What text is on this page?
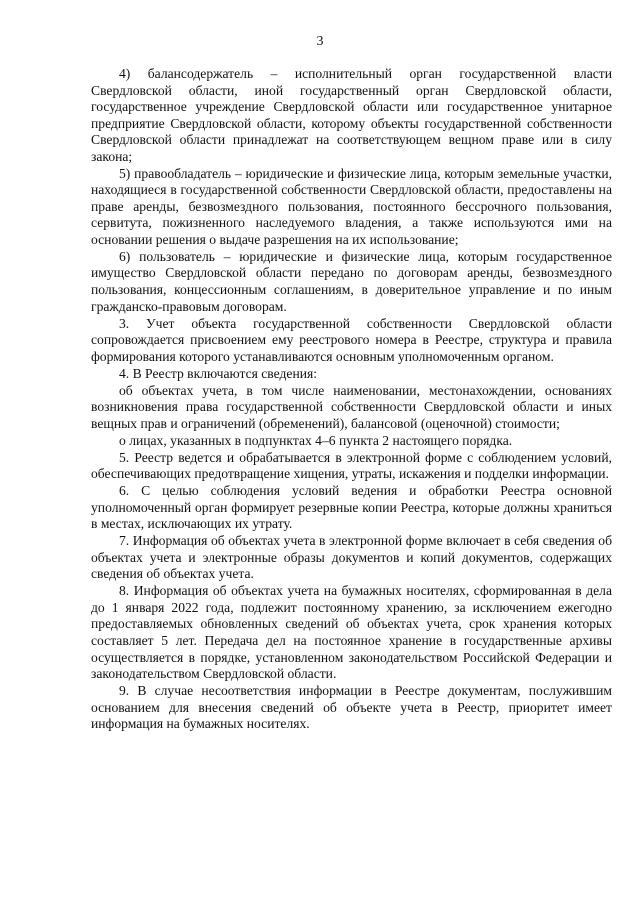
3

4) балансодержатель – исполнительный орган государственной власти Свердловской области, иной государственный орган Свердловской области, государственное учреждение Свердловской области или государственное унитарное предприятие Свердловской области, которому объекты государственной собственности Свердловской области принадлежат на соответствующем вещном праве или в силу закона;

5) правообладатель – юридические и физические лица, которым земельные участки, находящиеся в государственной собственности Свердловской области, предоставлены на праве аренды, безвозмездного пользования, постоянного бессрочного пользования, сервитута, пожизненного наследуемого владения, а также используются ими на основании решения о выдаче разрешения на их использование;

6) пользователь – юридические и физические лица, которым государственное имущество Свердловской области передано по договорам аренды, безвозмездного пользования, концессионным соглашениям, в доверительное управление и по иным гражданско-правовым договорам.

3. Учет объекта государственной собственности Свердловской области сопровождается присвоением ему реестрового номера в Реестре, структура и правила формирования которого устанавливаются основным уполномоченным органом.

4. В Реестр включаются сведения:

об объектах учета, в том числе наименовании, местонахождении, основаниях возникновения права государственной собственности Свердловской области и иных вещных прав и ограничений (обременений), балансовой (оценочной) стоимости;

о лицах, указанных в подпунктах 4–6 пункта 2 настоящего порядка.

5. Реестр ведется и обрабатывается в электронной форме с соблюдением условий, обеспечивающих предотвращение хищения, утраты, искажения и подделки информации.

6. С целью соблюдения условий ведения и обработки Реестра основной уполномоченный орган формирует резервные копии Реестра, которые должны храниться в местах, исключающих их утрату.

7. Информация об объектах учета в электронной форме включает в себя сведения об объектах учета и электронные образы документов и копий документов, содержащих сведения об объектах учета.

8. Информация об объектах учета на бумажных носителях, сформированная в дела до 1 января 2022 года, подлежит постоянному хранению, за исключением ежегодно предоставляемых обновленных сведений об объектах учета, срок хранения которых составляет 5 лет. Передача дел на постоянное хранение в государственные архивы осуществляется в порядке, установленном законодательством Российской Федерации и законодательством Свердловской области.

9. В случае несоответствия информации в Реестре документам, послужившим основанием для внесения сведений об объекте учета в Реестр, приоритет имеет информация на бумажных носителях.
